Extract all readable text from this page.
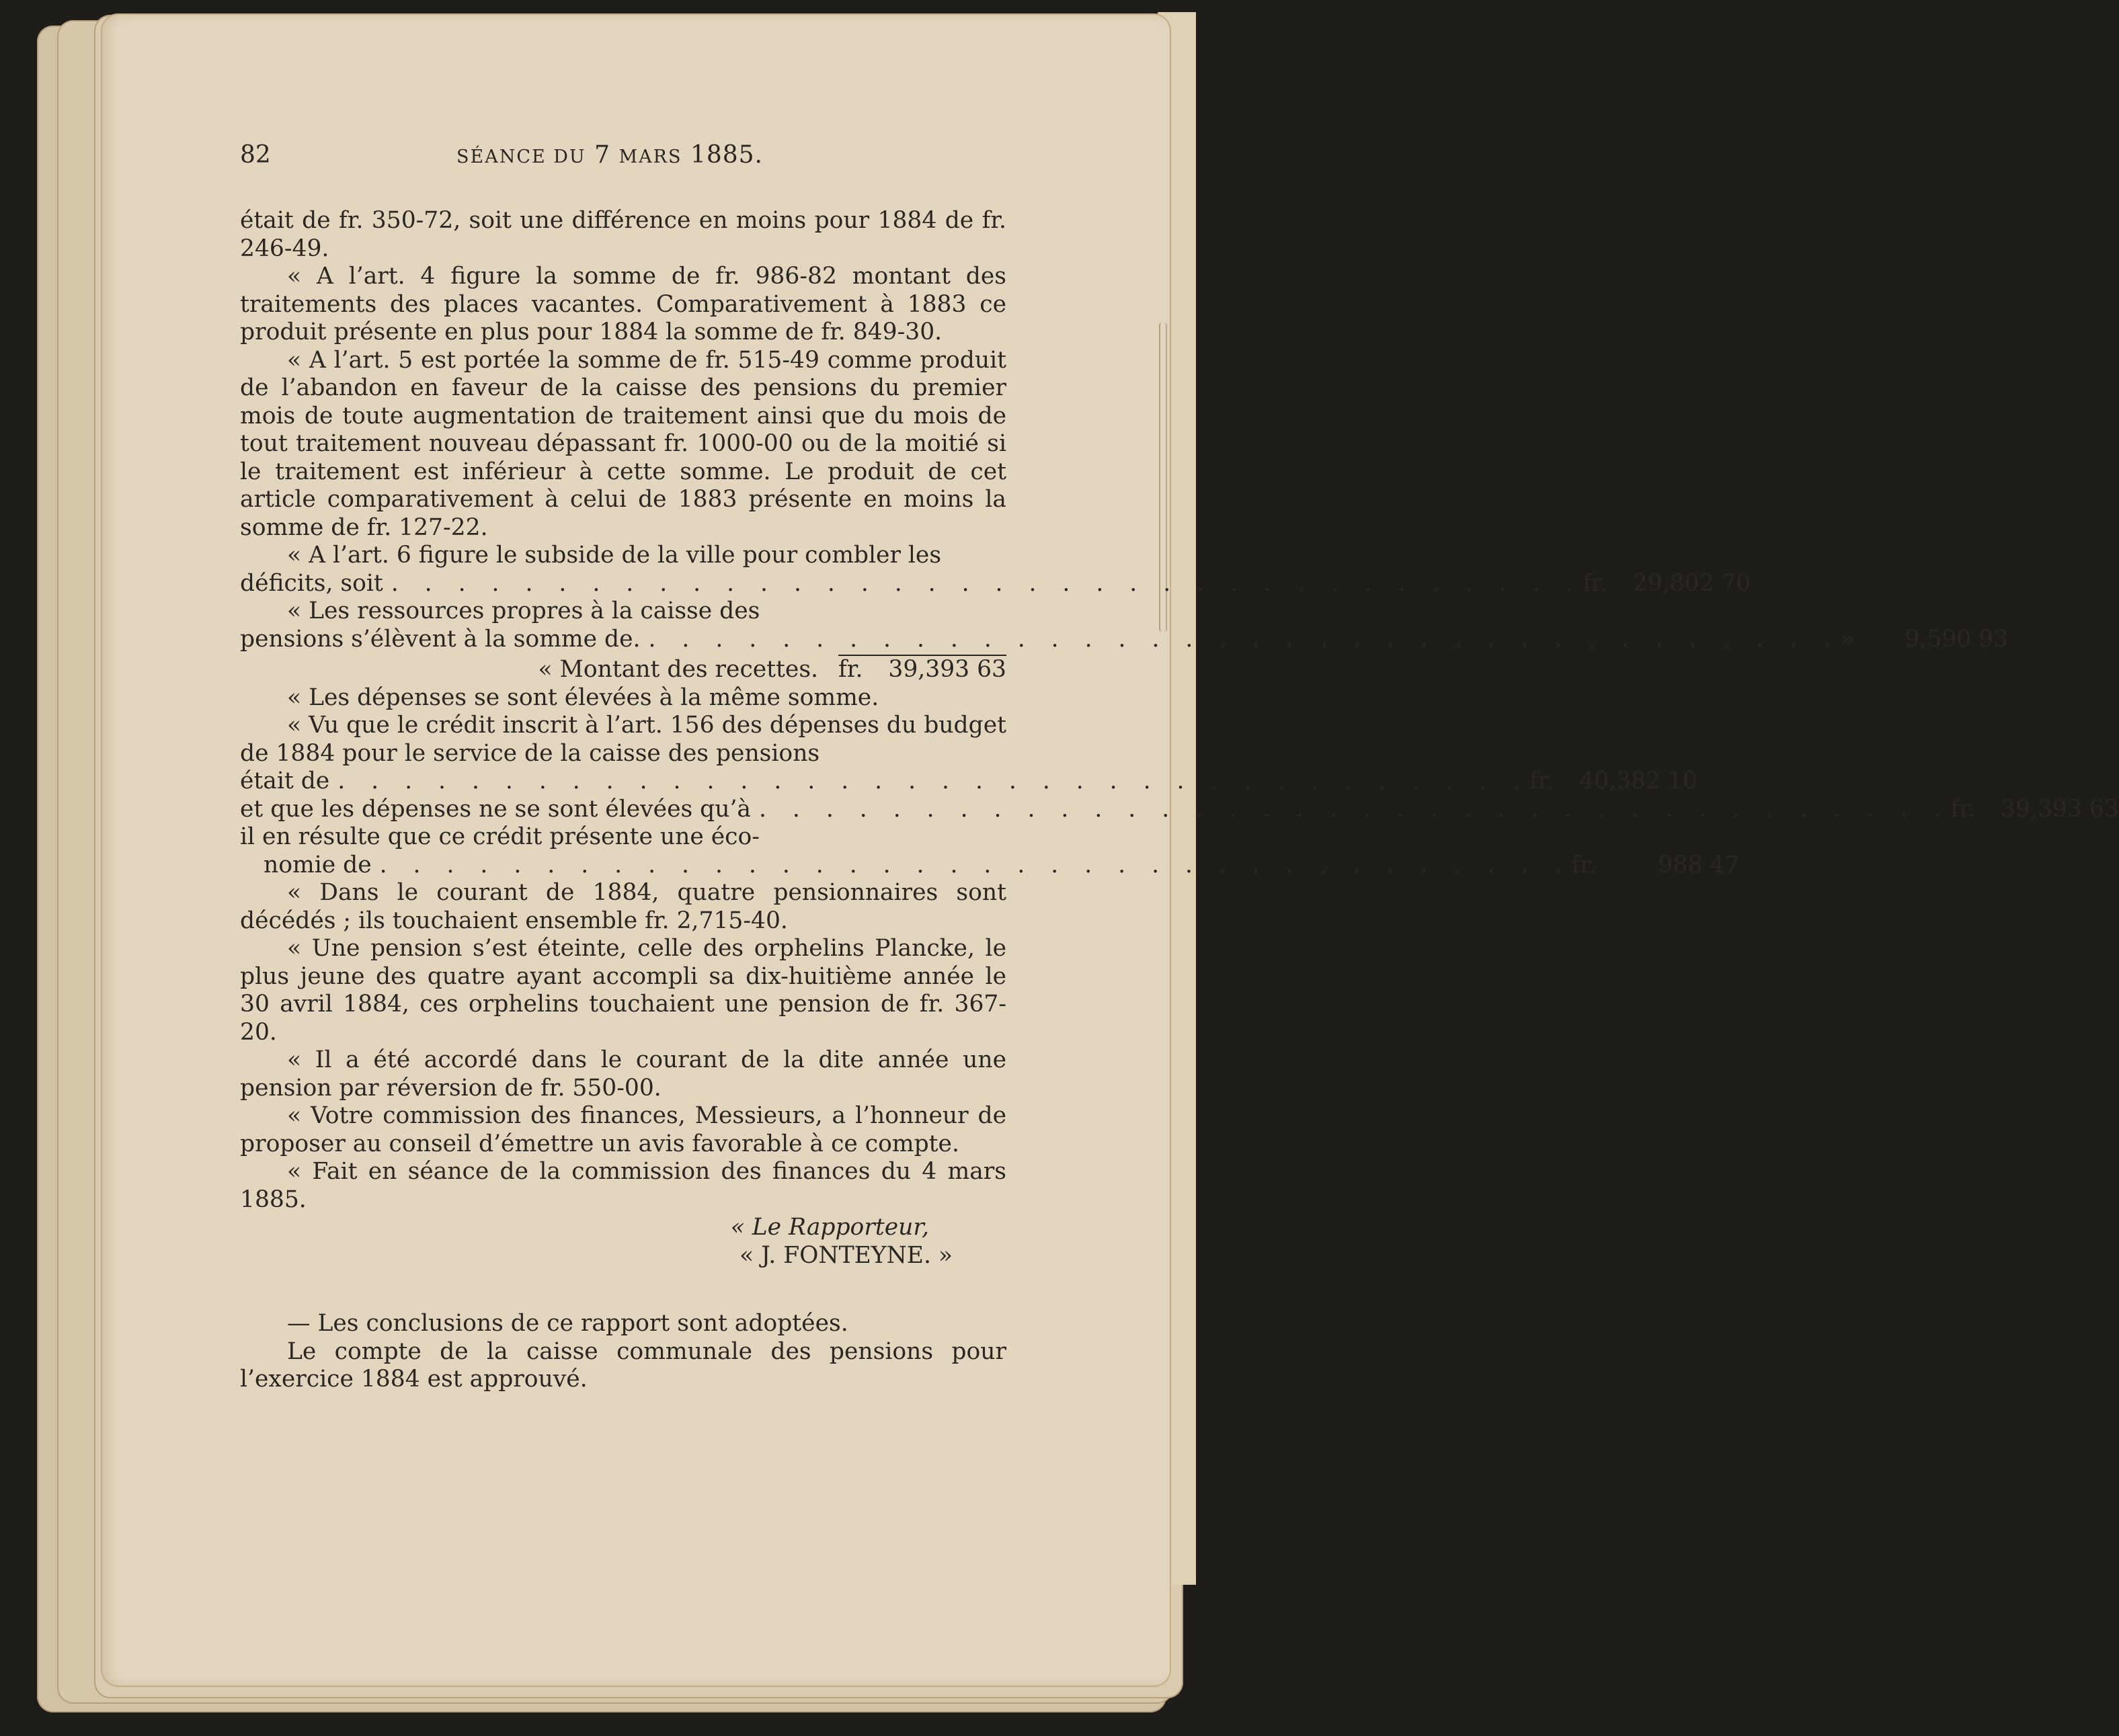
82	SÉANCE DU 7 MARS 1885.

était de fr. 350-72, soit une différence en moins pour 1884 de fr. 246-49.

« A l’art. 4 figure la somme de fr. 986-82 montant des traitements des places vacantes. Comparativement à 1883 ce produit présente en plus pour 1884 la somme de fr. 849-30.

« A l’art. 5 est portée la somme de fr. 515-49 comme produit de l’abandon en faveur de la caisse des pensions du premier mois de toute augmentation de traitement ainsi que du mois de tout traitement nouveau dépassant fr. 1000-00 ou de la moitié si le traitement est inférieur à cette somme. Le produit de cet article comparativement à celui de 1883 présente en moins la somme de fr. 127-22.

« A l’art. 6 figure le subside de la ville pour combler les

déficits, soit . . . . . . . . . . . . . . . . . . . . . . . . . . . . . . . . . . . . fr.	29,802 70

« Les ressources propres à la caisse des

pensions s’élèvent à la somme de. . . . . . . . . . . . . . . . . . . . . . . . . . . . . . . . . . . . . »	9,590 93
« Montant des recettes. fr.	39,393 63

« Les dépenses se sont élevées à la même somme.

« Vu que le crédit inscrit à l’art. 156 des dépenses du budget de 1884 pour le service de la caisse des pensions

était de . . . . . . . . . . . . . . . . . . . . . . . . . . . . . . . . . . . . fr.	40,382 10
et que les dépenses ne se sont élevées qu’à . . . . . . . . . . . . . . . . . . . . . . . . . . . . . . . . . . . . fr.	39,393 63

il en résulte que ce crédit présente une éco-

nomie de . . . . . . . . . . . . . . . . . . . . . . . . . . . . . . . . . . . . fr.	988 47

« Dans le courant de 1884, quatre pensionnaires sont décédés ; ils touchaient ensemble fr. 2,715-40.

« Une pension s’est éteinte, celle des orphelins Plancke, le plus jeune des quatre ayant accompli sa dix-huitième année le 30 avril 1884, ces orphelins touchaient une pension de fr. 367-20.

« Il a été accordé dans le courant de la dite année une pension par réversion de fr. 550-00.

« Votre commission des finances, Messieurs, a l’honneur de proposer au conseil d’émettre un avis favorable à ce compte.

« Fait en séance de la commission des finances du 4 mars 1885.

« Le Rapporteur,
« J. FONTEYNE. »

— Les conclusions de ce rapport sont adoptées.

Le compte de la caisse communale des pensions pour l’exercice 1884 est approuvé.
